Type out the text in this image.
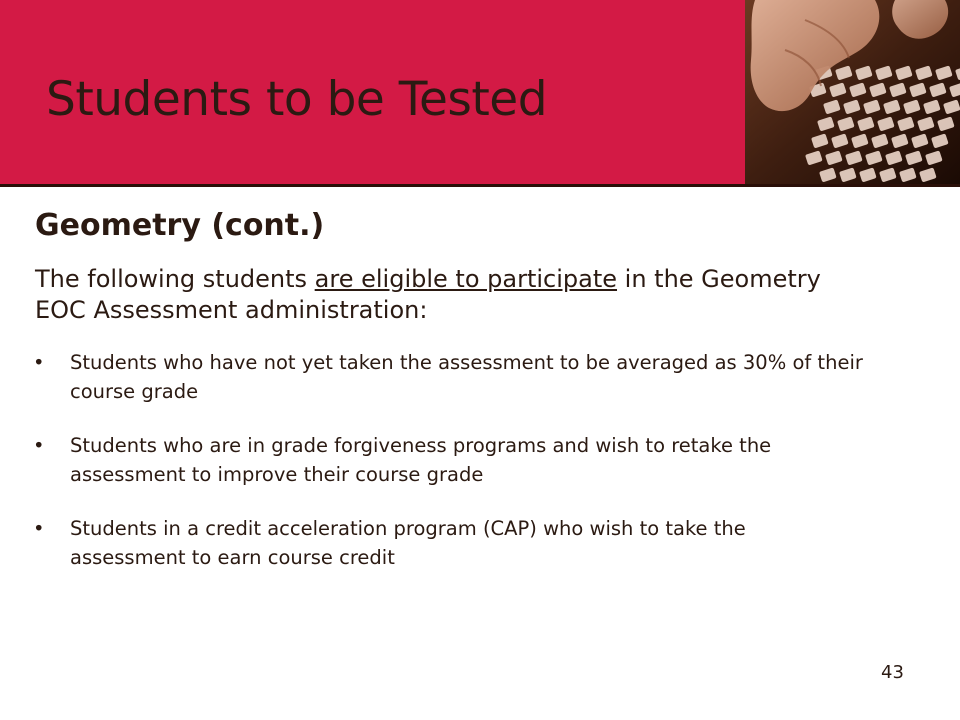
Students to be Tested
Geometry (cont.)

The following students are eligible to participate in the Geometry EOC Assessment administration:

• Students who have not yet taken the assessment to be averaged as 30% of their course grade
• Students who are in grade forgiveness programs and wish to retake the assessment to improve their course grade
• Students in a credit acceleration program (CAP) who wish to take the assessment to earn course credit
43
